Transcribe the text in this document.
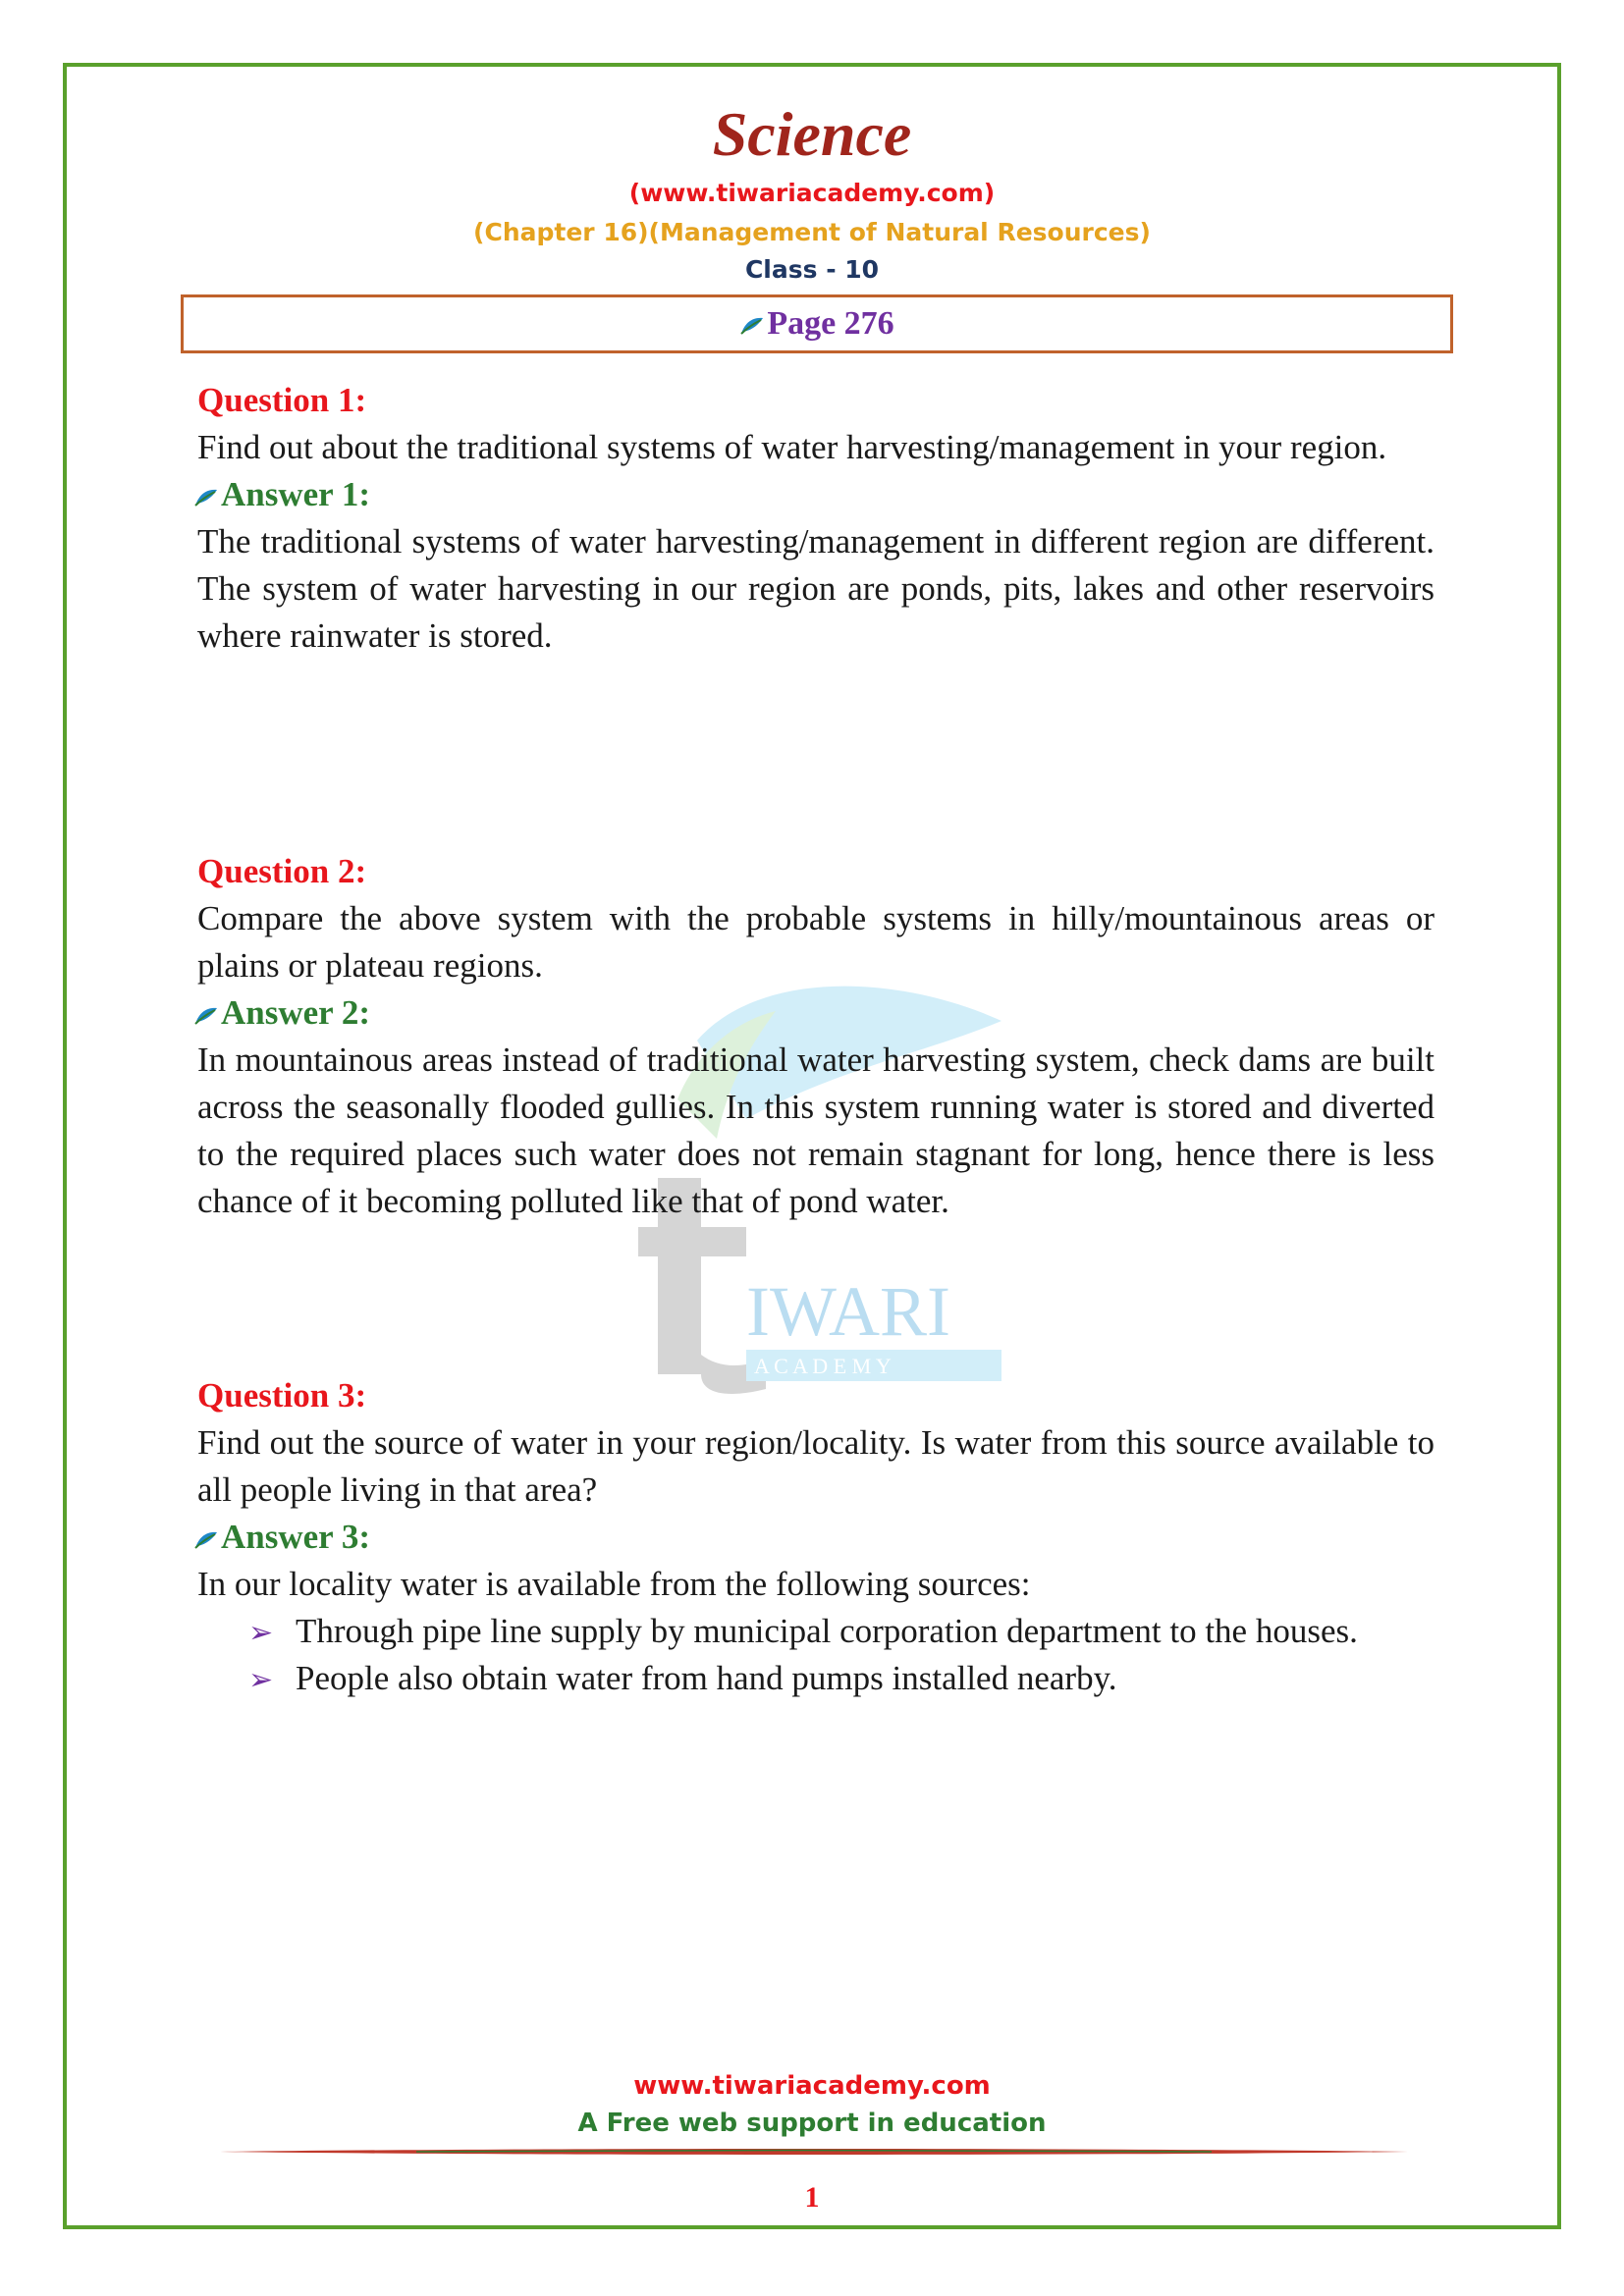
Science
(www.tiwariacademy.com)
(Chapter 16)(Management of Natural Resources)
Class - 10
Page 276
IWARI
A C A D E M Y
Question 1:

Find out about the traditional systems of water harvesting/management in your region.

Answer 1:

The traditional systems of water harvesting/management in different region are different. The system of water harvesting in our region are ponds, pits, lakes and other reservoirs where rainwater is stored.

Question 2:

Compare the above system with the probable systems in hilly/mountainous areas or plains or plateau regions.

Answer 2:

In mountainous areas instead of traditional water harvesting system, check dams are built across the seasonally flooded gullies. In this system running water is stored and diverted to the required places such water does not remain stagnant for long, hence there is less chance of it becoming polluted like that of pond water.

Question 3:

Find out the source of water in your region/locality. Is water from this source available to all people living in that area?

Answer 3:

In our locality water is available from the following sources:

➢ Through pipe line supply by municipal corporation department to the houses.
➢ People also obtain water from hand pumps installed nearby.
www.tiwariacademy.com
A Free web support in education
1
